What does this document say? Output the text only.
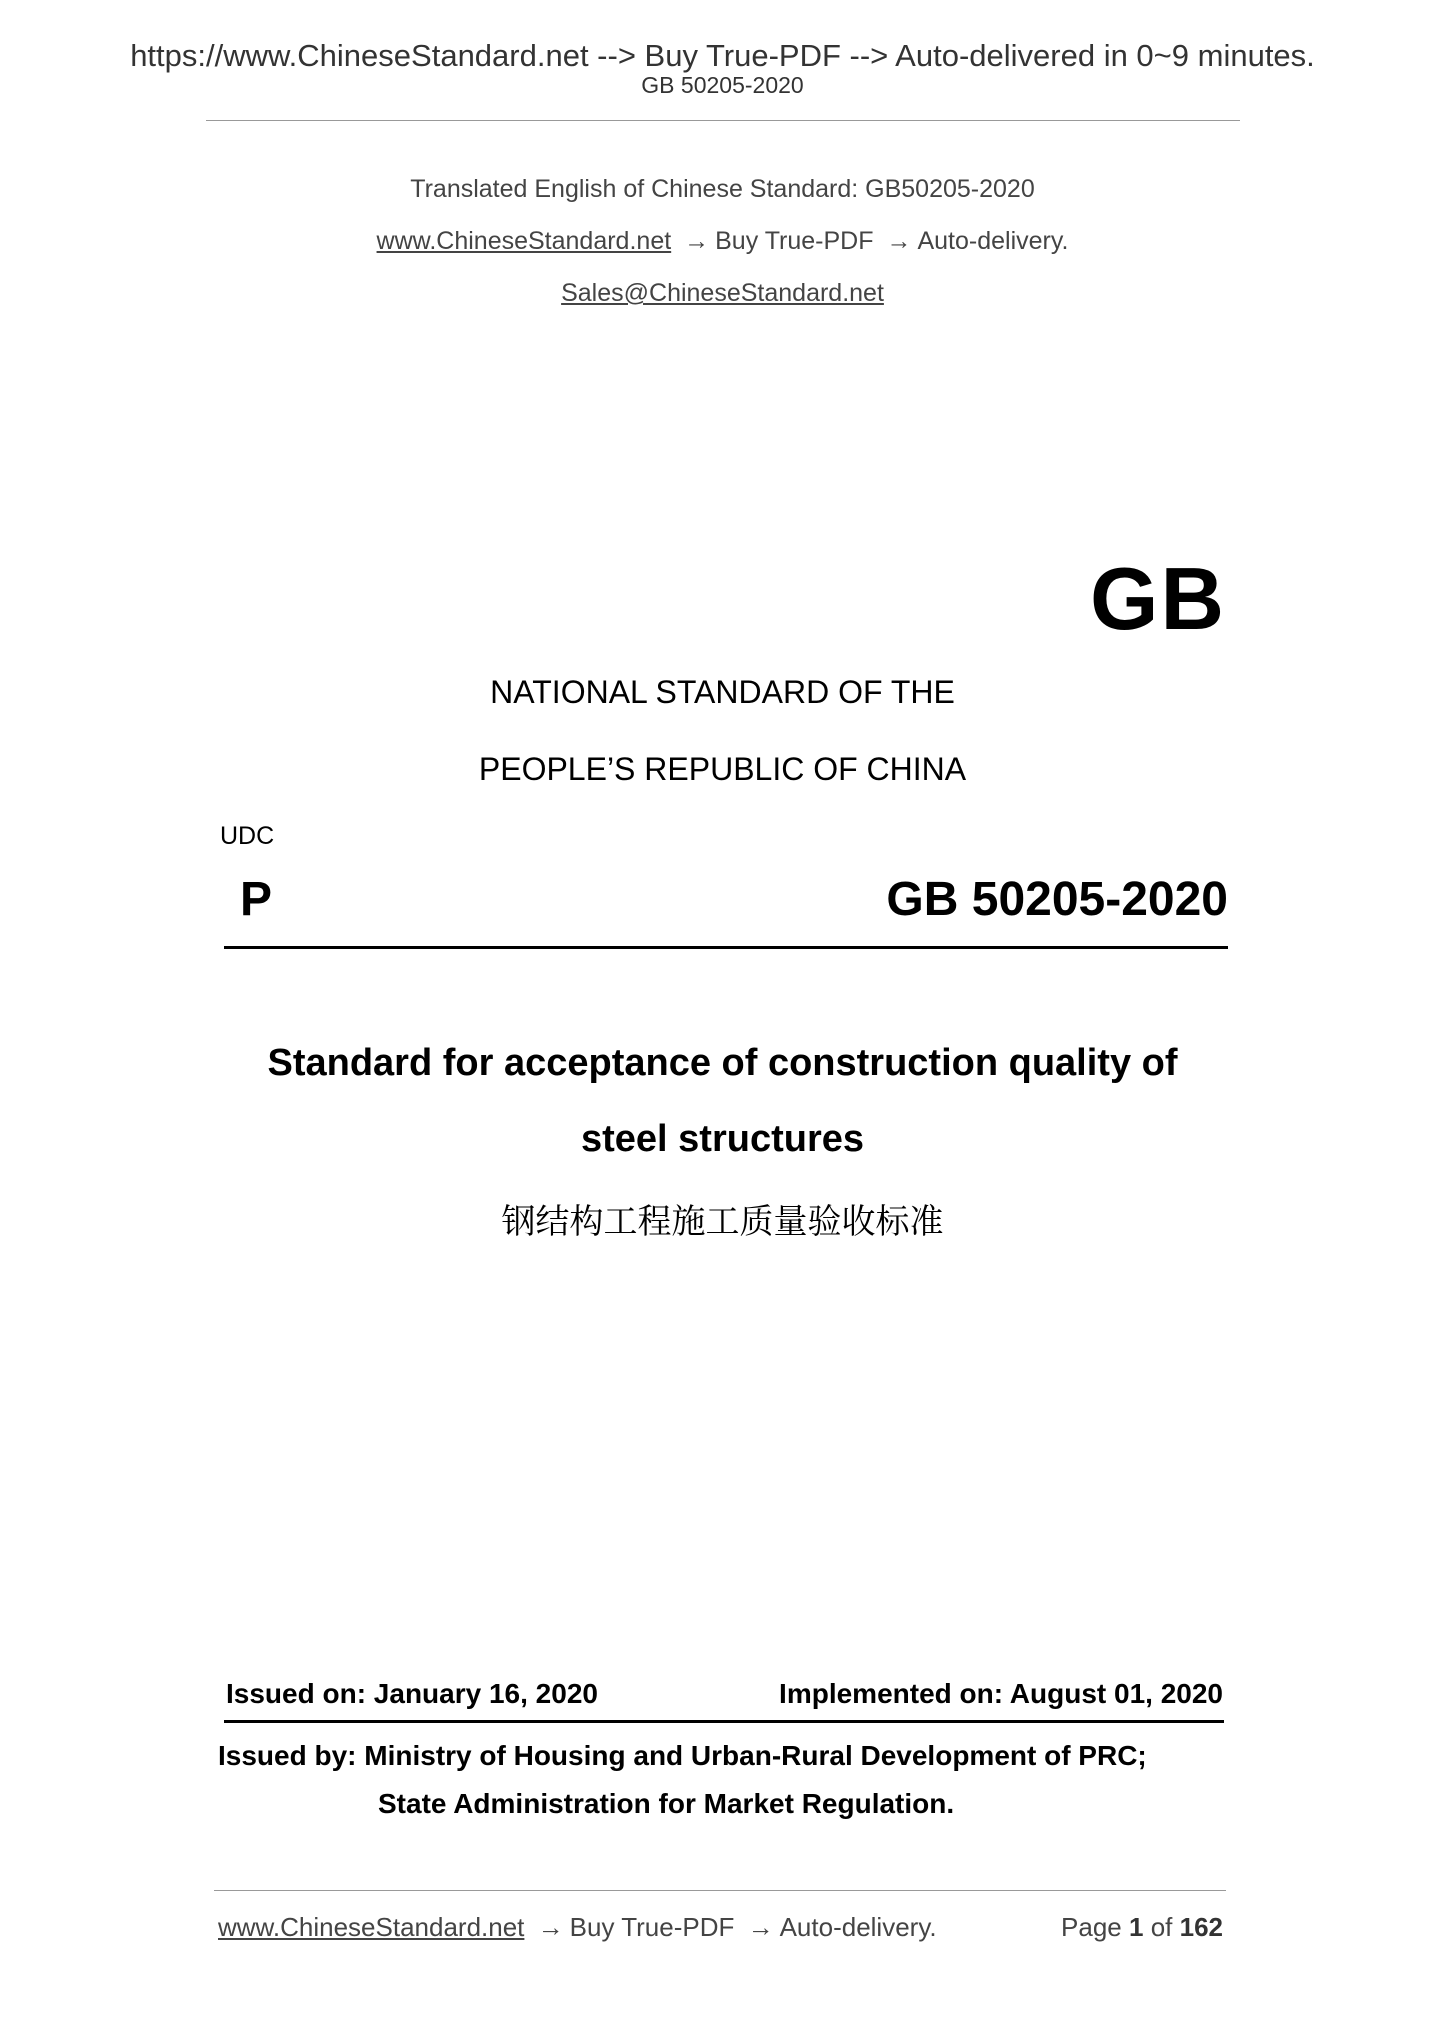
https://www.ChineseStandard.net --> Buy True-PDF --> Auto-delivered in 0~9 minutes.
GB 50205-2020
Translated English of Chinese Standard: GB50205-2020
www.ChineseStandard.net → Buy True-PDF → Auto-delivery.
Sales@ChineseStandard.net
GB
NATIONAL STANDARD OF THE
PEOPLE’S REPUBLIC OF CHINA
UDC
P	GB 50205-2020
Standard for acceptance of construction quality of
steel structures
钢结构工程施工质量验收标准
Issued on: January 16, 2020	Implemented on: August 01, 2020
Issued by: Ministry of Housing and Urban-Rural Development of PRC;
State Administration for Market Regulation.
www.ChineseStandard.net → Buy True-PDF → Auto-delivery.	Page 1 of 162
